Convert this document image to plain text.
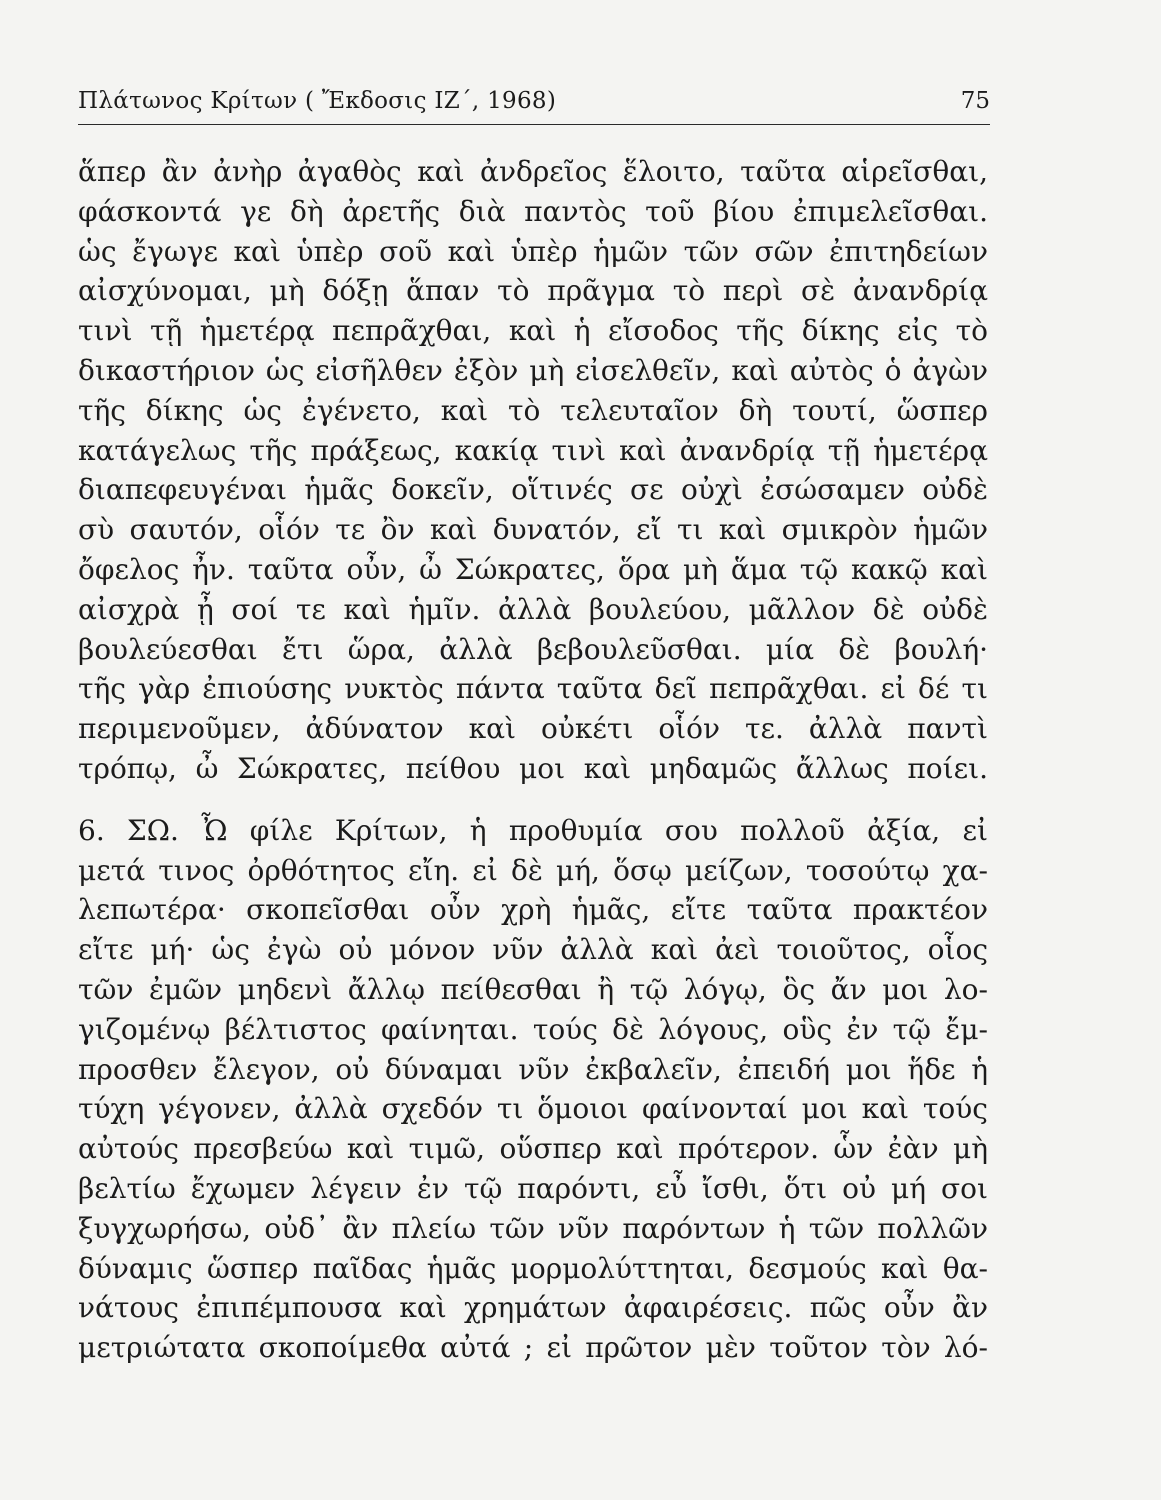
Πλάτωνος Κρίτων ( Ἔκδοσις ΙΖ΄, 1968)	75
ἅπερ ἂν ἀνὴρ ἀγαθὸς καὶ ἀνδρεῖος ἕλοιτο, ταῦτα αἱρεῖσθαι,
φάσκοντά γε δὴ ἀρετῆς διὰ παντὸς τοῦ βίου ἐπιμελεῖσθαι.
ὡς ἔγωγε καὶ ὑπὲρ σοῦ καὶ ὑπὲρ ἡμῶν τῶν σῶν ἐπιτηδείων
αἰσχύνομαι, μὴ δόξῃ ἅπαν τὸ πρᾶγμα τὸ περὶ σὲ ἀνανδρίᾳ
τινὶ τῇ ἡμετέρᾳ πεπρᾶχθαι, καὶ ἡ εἴσοδος τῆς δίκης εἰς τὸ
δικαστήριον ὡς εἰσῆλθεν ἐξὸν μὴ εἰσελθεῖν, καὶ αὐτὸς ὁ ἀγὼν
τῆς δίκης ὡς ἐγένετο, καὶ τὸ τελευταῖον δὴ τουτί, ὥσπερ
κατάγελως τῆς πράξεως, κακίᾳ τινὶ καὶ ἀνανδρίᾳ τῇ ἡμετέρᾳ
διαπεφευγέναι ἡμᾶς δοκεῖν, οἵτινές σε οὐχὶ ἐσώσαμεν οὐδὲ
σὺ σαυτόν, οἷόν τε ὂν καὶ δυνατόν, εἴ τι καὶ σμικρὸν ἡμῶν
ὄφελος ἦν. ταῦτα οὖν, ὦ Σώκρατες, ὅρα μὴ ἅμα τῷ κακῷ καὶ
αἰσχρὰ ᾖ σοί τε καὶ ἡμῖν. ἀλλὰ βουλεύου, μᾶλλον δὲ οὐδὲ
βουλεύεσθαι ἔτι ὥρα, ἀλλὰ βεβουλεῦσθαι. μία δὲ βουλή·
τῆς γὰρ ἐπιούσης νυκτὸς πάντα ταῦτα δεῖ πεπρᾶχθαι. εἰ δέ τι
περιμενοῦμεν, ἀδύνατον καὶ οὐκέτι οἷόν τε. ἀλλὰ παντὶ
τρόπῳ, ὦ Σώκρατες, πείθου μοι καὶ μηδαμῶς ἄλλως ποίει.
6. ΣΩ. Ὦ φίλε Κρίτων, ἡ προθυμία σου πολλοῦ ἀξία, εἰ
μετά τινος ὀρθότητος εἴη. εἰ δὲ μή, ὅσῳ μείζων, τοσούτῳ χα-
λεπωτέρα· σκοπεῖσθαι οὖν χρὴ ἡμᾶς, εἴτε ταῦτα πρακτέον
εἴτε μή· ὡς ἐγὼ οὐ μόνον νῦν ἀλλὰ καὶ ἀεὶ τοιοῦτος, οἷος
τῶν ἐμῶν μηδενὶ ἄλλῳ πείθεσθαι ἢ τῷ λόγῳ, ὃς ἄν μοι λο-
γιζομένῳ βέλτιστος φαίνηται. τούς δὲ λόγους, οὓς ἐν τῷ ἔμ-
προσθεν ἔλεγον, οὐ δύναμαι νῦν ἐκβαλεῖν, ἐπειδή μοι ἥδε ἡ
τύχη γέγονεν, ἀλλὰ σχεδόν τι ὅμοιοι φαίνονταί μοι καὶ τούς
αὐτούς πρεσβεύω καὶ τιμῶ, οὕσπερ καὶ πρότερον. ὧν ἐὰν μὴ
βελτίω ἔχωμεν λέγειν ἐν τῷ παρόντι, εὖ ἴσθι, ὅτι οὐ μή σοι
ξυγχωρήσω, οὐδ᾽ ἂν πλείω τῶν νῦν παρόντων ἡ τῶν πολλῶν
δύναμις ὥσπερ παῖδας ἡμᾶς μορμολύττηται, δεσμούς καὶ θα-
νάτους ἐπιπέμπουσα καὶ χρημάτων ἀφαιρέσεις. πῶς οὖν ἂν
μετριώτατα σκοποίμεθα αὐτά ; εἰ πρῶτον μὲν τοῦτον τὸν λό-
